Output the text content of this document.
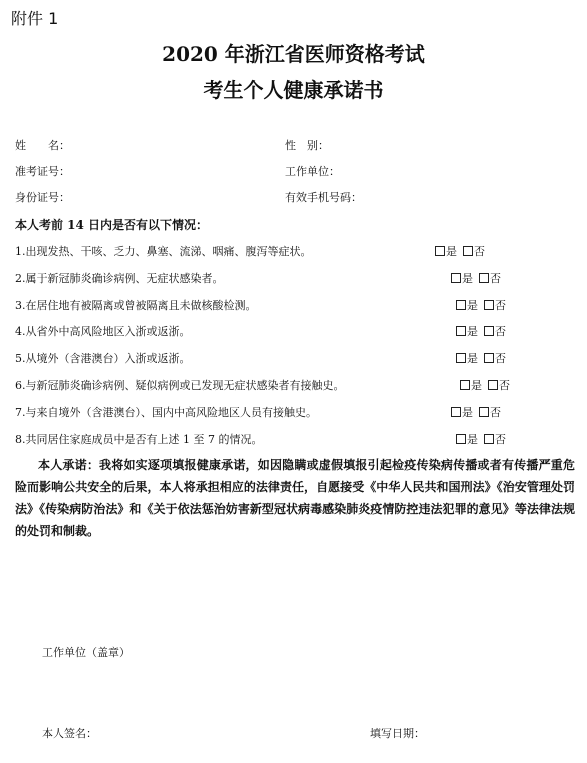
附件 1
2020 年浙江省医师资格考试
考生个人健康承诺书
姓　　名：	性　别：
准考证号：	工作单位：
身份证号：	有效手机号码：
本人考前 14 日内是否有以下情况：
1.出现发热、干咳、乏力、鼻塞、流涕、咽痛、腹泻等症状。	是 否
2.属于新冠肺炎确诊病例、无症状感染者。	是 否
3.在居住地有被隔离或曾被隔离且未做核酸检测。	是 否
4.从省外中高风险地区入浙或返浙。	是 否
5.从境外（含港澳台）入浙或返浙。	是 否
6.与新冠肺炎确诊病例、疑似病例或已发现无症状感染者有接触史。	是 否
7.与来自境外（含港澳台）、国内中高风险地区人员有接触史。	是 否
8.共同居住家庭成员中是否有上述 1 至 7 的情况。	是 否
本人承诺：我将如实逐项填报健康承诺，如因隐瞒或虚假填报引起检疫传染病传播或者有传播严重危险而影响公共安全的后果，本人将承担相应的法律责任，自愿接受《中华人民共和国刑法》《治安管理处罚法》《传染病防治法》和《关于依法惩治妨害新型冠状病毒感染肺炎疫情防控违法犯罪的意见》等法律法规的处罚和制裁。
工作单位（盖章）
本人签名：	填写日期：
